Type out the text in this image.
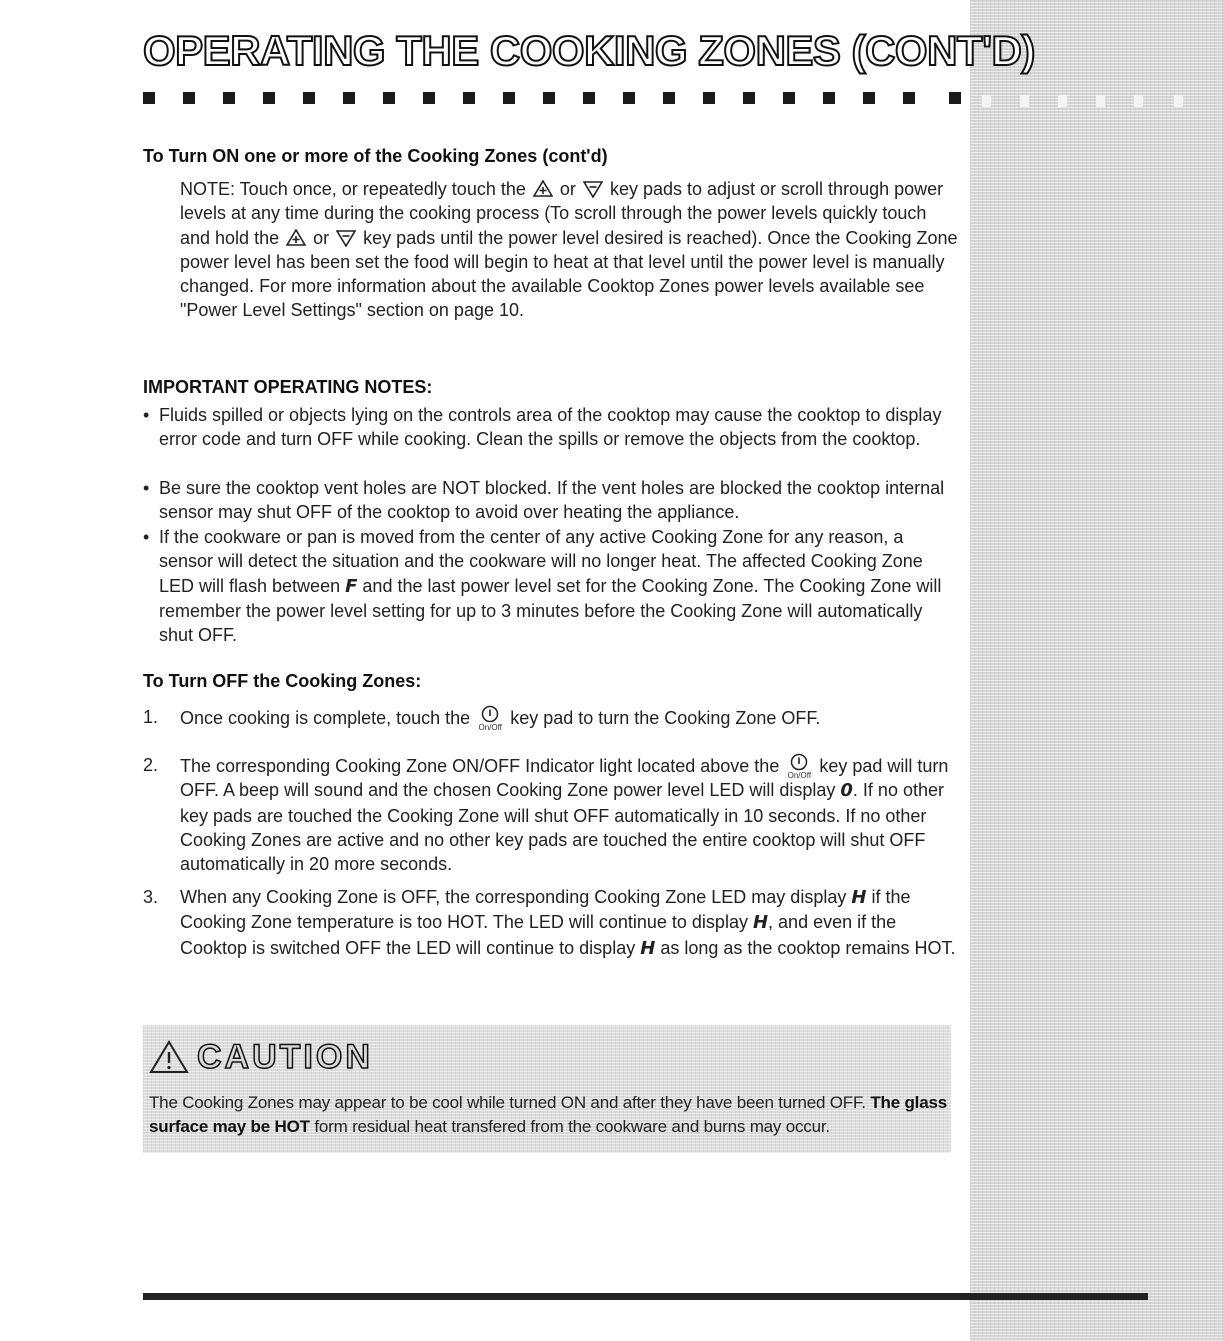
OPERATING THE COOKING ZONES (CONT'D)
To Turn ON one or more of the Cooking Zones (cont'd)

NOTE: Touch once, or repeatedly touch the or key pads to adjust or scroll through power levels at any time during the cooking process (To scroll through the power levels quickly touch and hold the or key pads until the power level desired is reached). Once the Cooking Zone power level has been set the food will begin to heat at that level until the power level is manually changed. For more information about the available Cooktop Zones power levels available see "Power Level Settings" section on page 10.

IMPORTANT OPERATING NOTES:
• Fluids spilled or objects lying on the controls area of the cooktop may cause the cooktop to display error code and turn OFF while cooking. Clean the spills or remove the objects from the cooktop.
• Be sure the cooktop vent holes are NOT blocked. If the vent holes are blocked the cooktop internal sensor may shut OFF of the cooktop to avoid over heating the appliance.
• If the cookware or pan is moved from the center of any active Cooking Zone for any reason, a sensor will detect the situation and the cookware will no longer heat. The affected Cooking Zone LED will flash between F and the last power level set for the Cooking Zone. The Cooking Zone will remember the power level setting for up to 3 minutes before the Cooking Zone will automatically shut OFF.
To Turn OFF the Cooking Zones:
1.	Once cooking is complete, touch the On/Off key pad to turn the Cooking Zone OFF.
2.	The corresponding Cooking Zone ON/OFF Indicator light located above the On/Off key pad will turn OFF. A beep will sound and the chosen Cooking Zone power level LED will display 0. If no other key pads are touched the Cooking Zone will shut OFF automatically in 10 seconds. If no other Cooking Zones are active and no other key pads are touched the entire cooktop will shut OFF automatically in 20 more seconds.
3.	When any Cooking Zone is OFF, the corresponding Cooking Zone LED may display H if the Cooking Zone temperature is too HOT. The LED will continue to display H, and even if the Cooktop is switched OFF the LED will continue to display H as long as the cooktop remains HOT.
CAUTION
The Cooking Zones may appear to be cool while turned ON and after they have been turned OFF. The glass surface may be HOT form residual heat transfered from the cookware and burns may occur.
